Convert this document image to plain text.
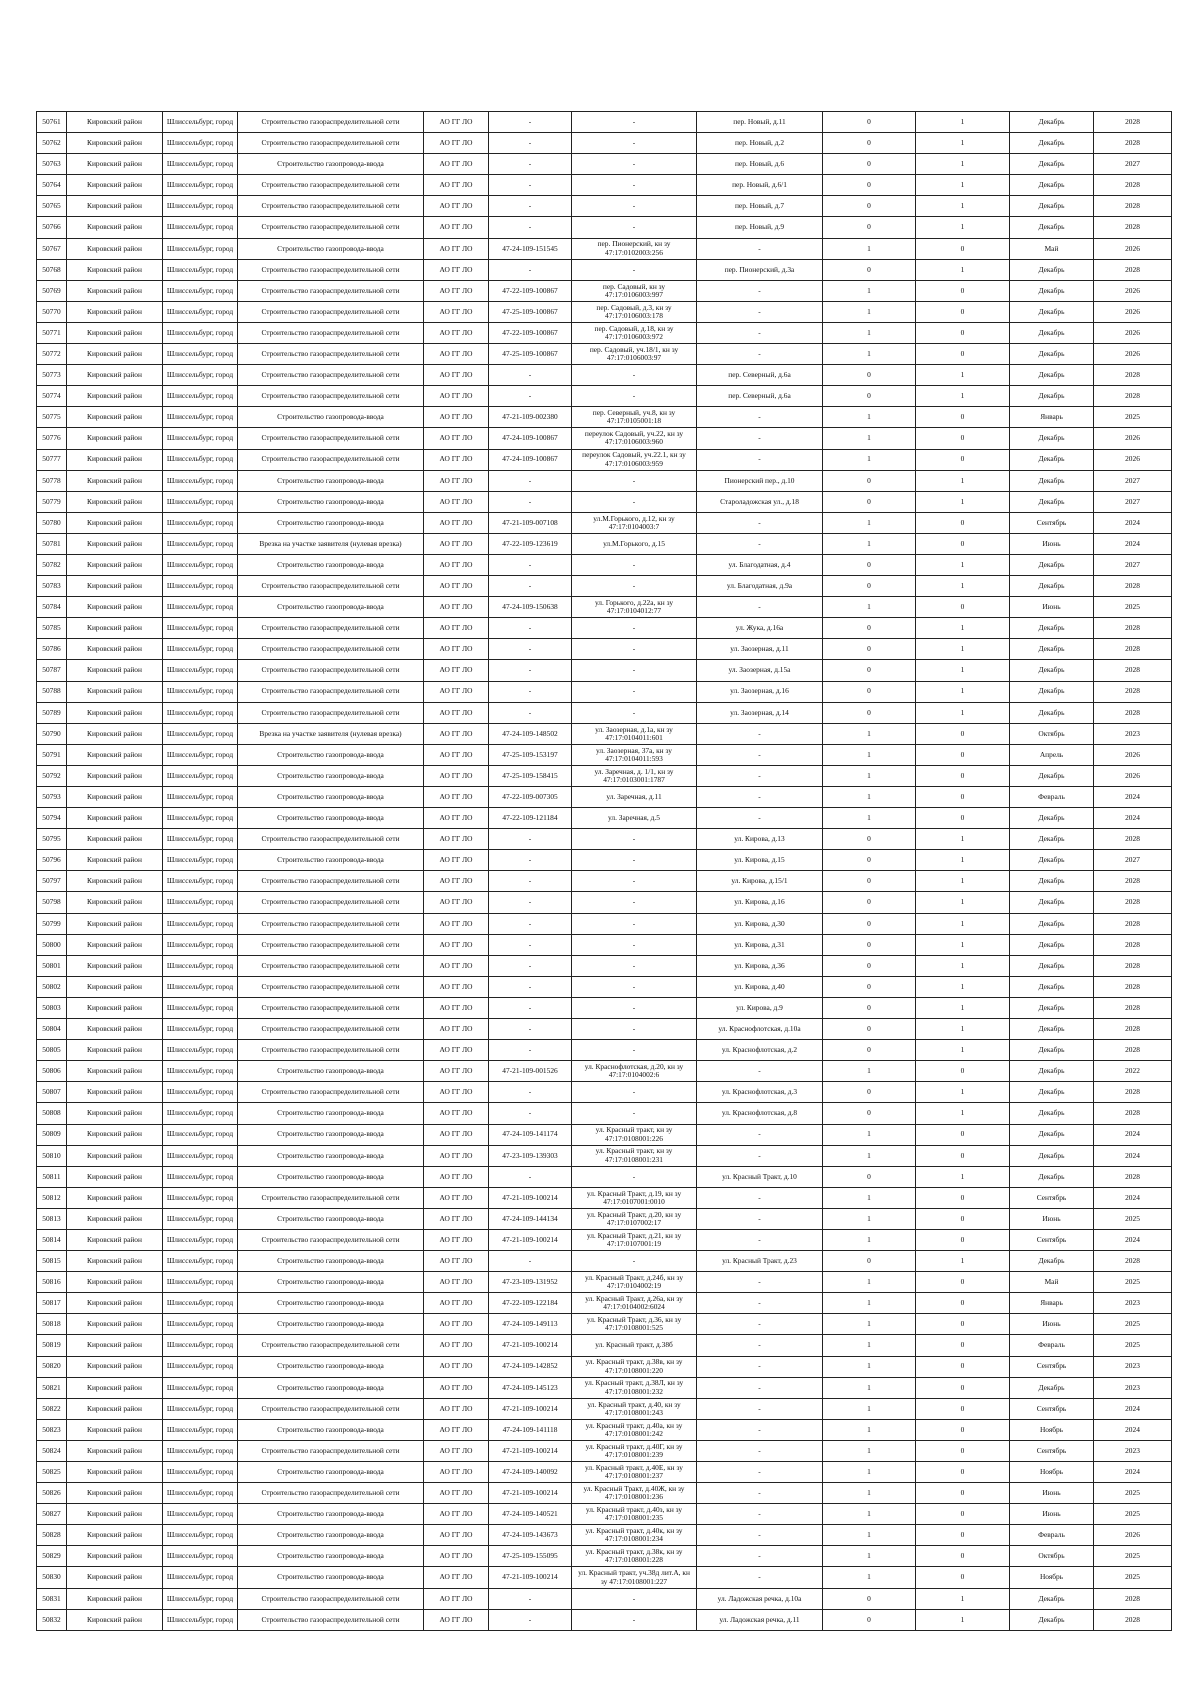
50761	Кировский район	Шлиссельбург, город	Строительство газораспределительной сети	АО ГГ ЛО	-	-	пер. Новый, д.11	0	1	Декабрь	2028
50762	Кировский район	Шлиссельбург, город	Строительство газораспределительной сети	АО ГГ ЛО	-	-	пер. Новый, д.2	0	1	Декабрь	2028
50763	Кировский район	Шлиссельбург, город	Строительство газопровода-ввода	АО ГГ ЛО	-	-	пер. Новый, д.6	0	1	Декабрь	2027
50764	Кировский район	Шлиссельбург, город	Строительство газораспределительной сети	АО ГГ ЛО	-	-	пер. Новый, д.6/1	0	1	Декабрь	2028
50765	Кировский район	Шлиссельбург, город	Строительство газораспределительной сети	АО ГГ ЛО	-	-	пер. Новый, д.7	0	1	Декабрь	2028
50766	Кировский район	Шлиссельбург, город	Строительство газораспределительной сети	АО ГГ ЛО	-	-	пер. Новый, д.9	0	1	Декабрь	2028
50767	Кировский район	Шлиссельбург, город	Строительство газопровода-ввода	АО ГГ ЛО	47-24-109-151545	пер. Пионерский, кн зу 47:17:0102003:256	-	1	0	Май	2026
50768	Кировский район	Шлиссельбург, город	Строительство газораспределительной сети	АО ГГ ЛО	-	-	пер. Пионерский, д.3а	0	1	Декабрь	2028
50769	Кировский район	Шлиссельбург, город	Строительство газораспределительной сети	АО ГГ ЛО	47-22-109-100867	пер. Садовый, кн зу 47:17:0106003:997	-	1	0	Декабрь	2026
50770	Кировский район	Шлиссельбург, город	Строительство газораспределительной сети	АО ГГ ЛО	47-25-109-100867	пер. Садовый, д.3, кн зу 47:17:0106003:178	-	1	0	Декабрь	2026
50771	Кировский район	Шлиссельбург, город	Строительство газораспределительной сети	АО ГГ ЛО	47-22-109-100867	пер. Садовый, д.18, кн зу 47:17:0106003:972	-	1	0	Декабрь	2026
50772	Кировский район	Шлиссельбург, город	Строительство газораспределительной сети	АО ГГ ЛО	47-25-109-100867	пер. Садовый, уч.18/1, кн зу 47:17:0106003:97	-	1	0	Декабрь	2026
50773	Кировский район	Шлиссельбург, город	Строительство газораспределительной сети	АО ГГ ЛО	-	-	пер. Северный, д.6а	0	1	Декабрь	2028
50774	Кировский район	Шлиссельбург, город	Строительство газораспределительной сети	АО ГГ ЛО	-	-	пер. Северный, д.6а	0	1	Декабрь	2028
50775	Кировский район	Шлиссельбург, город	Строительство газопровода-ввода	АО ГГ ЛО	47-21-109-002380	пер. Северный, уч.8, кн зу 47:17:0105001:18	-	1	0	Январь	2025
50776	Кировский район	Шлиссельбург, город	Строительство газораспределительной сети	АО ГГ ЛО	47-24-109-100867	переулок Садовый, уч.22, кн зу 47:17:0106003:960	-	1	0	Декабрь	2026
50777	Кировский район	Шлиссельбург, город	Строительство газораспределительной сети	АО ГГ ЛО	47-24-109-100867	переулок Садовый, уч.22.1, кн зу 47:17:0106003:959	-	1	0	Декабрь	2026
50778	Кировский район	Шлиссельбург, город	Строительство газопровода-ввода	АО ГГ ЛО	-	-	Пионерский пер., д.10	0	1	Декабрь	2027
50779	Кировский район	Шлиссельбург, город	Строительство газопровода-ввода	АО ГГ ЛО	-	-	Староладожская ул., д.18	0	1	Декабрь	2027
50780	Кировский район	Шлиссельбург, город	Строительство газопровода-ввода	АО ГГ ЛО	47-21-109-007108	ул.М.Горького, д.12, кн зу 47:17:0104003:7	-	1	0	Сентябрь	2024
50781	Кировский район	Шлиссельбург, город	Врезка на участке заявителя (нулевая врезка)	АО ГГ ЛО	47-22-109-123619	ул.М.Горького, д.15	-	1	0	Июнь	2024
50782	Кировский район	Шлиссельбург, город	Строительство газопровода-ввода	АО ГГ ЛО	-	-	ул. Благодатная, д.4	0	1	Декабрь	2027
50783	Кировский район	Шлиссельбург, город	Строительство газораспределительной сети	АО ГГ ЛО	-	-	ул. Благодатная, д.9а	0	1	Декабрь	2028
50784	Кировский район	Шлиссельбург, город	Строительство газопровода-ввода	АО ГГ ЛО	47-24-109-150638	ул. Горького, д.22а, кн зу 47:17:0104012:77	-	1	0	Июнь	2025
50785	Кировский район	Шлиссельбург, город	Строительство газораспределительной сети	АО ГГ ЛО	-	-	ул. Жука, д.16а	0	1	Декабрь	2028
50786	Кировский район	Шлиссельбург, город	Строительство газораспределительной сети	АО ГГ ЛО	-	-	ул. Заозерная, д.11	0	1	Декабрь	2028
50787	Кировский район	Шлиссельбург, город	Строительство газораспределительной сети	АО ГГ ЛО	-	-	ул. Заозерная, д.15а	0	1	Декабрь	2028
50788	Кировский район	Шлиссельбург, город	Строительство газораспределительной сети	АО ГГ ЛО	-	-	ул. Заозерная, д.16	0	1	Декабрь	2028
50789	Кировский район	Шлиссельбург, город	Строительство газораспределительной сети	АО ГГ ЛО	-	-	ул. Заозерная, д.14	0	1	Декабрь	2028
50790	Кировский район	Шлиссельбург, город	Врезка на участке заявителя (нулевая врезка)	АО ГГ ЛО	47-24-109-148502	ул. Заозерная, д.1а, кн зу 47:17:0104011:601	-	1	0	Октябрь	2023
50791	Кировский район	Шлиссельбург, город	Строительство газопровода-ввода	АО ГГ ЛО	47-25-109-153197	ул. Заозерная, 37а, кн зу 47:17:0104011:593	-	1	0	Апрель	2026
50792	Кировский район	Шлиссельбург, город	Строительство газопровода-ввода	АО ГГ ЛО	47-25-109-158415	ул. Заречная, д. 1/1, кн зу 47:17:0103001:1787	-	1	0	Декабрь	2026
50793	Кировский район	Шлиссельбург, город	Строительство газопровода-ввода	АО ГГ ЛО	47-22-109-007305	ул. Заречная, д.11	-	1	0	Февраль	2024
50794	Кировский район	Шлиссельбург, город	Строительство газопровода-ввода	АО ГГ ЛО	47-22-109-121184	ул. Заречная, д.5	-	1	0	Декабрь	2024
50795	Кировский район	Шлиссельбург, город	Строительство газораспределительной сети	АО ГГ ЛО	-	-	ул. Кирова, д.13	0	1	Декабрь	2028
50796	Кировский район	Шлиссельбург, город	Строительство газопровода-ввода	АО ГГ ЛО	-	-	ул. Кирова, д.15	0	1	Декабрь	2027
50797	Кировский район	Шлиссельбург, город	Строительство газораспределительной сети	АО ГГ ЛО	-	-	ул. Кирова, д.15/1	0	1	Декабрь	2028
50798	Кировский район	Шлиссельбург, город	Строительство газораспределительной сети	АО ГГ ЛО	-	-	ул. Кирова, д.16	0	1	Декабрь	2028
50799	Кировский район	Шлиссельбург, город	Строительство газораспределительной сети	АО ГГ ЛО	-	-	ул. Кирова, д.30	0	1	Декабрь	2028
50800	Кировский район	Шлиссельбург, город	Строительство газораспределительной сети	АО ГГ ЛО	-	-	ул. Кирова, д.31	0	1	Декабрь	2028
50801	Кировский район	Шлиссельбург, город	Строительство газораспределительной сети	АО ГГ ЛО	-	-	ул. Кирова, д.36	0	1	Декабрь	2028
50802	Кировский район	Шлиссельбург, город	Строительство газораспределительной сети	АО ГГ ЛО	-	-	ул. Кирова, д.40	0	1	Декабрь	2028
50803	Кировский район	Шлиссельбург, город	Строительство газораспределительной сети	АО ГГ ЛО	-	-	ул. Кирова, д.9	0	1	Декабрь	2028
50804	Кировский район	Шлиссельбург, город	Строительство газораспределительной сети	АО ГГ ЛО	-	-	ул. Краснофлотская, д.10а	0	1	Декабрь	2028
50805	Кировский район	Шлиссельбург, город	Строительство газораспределительной сети	АО ГГ ЛО	-	-	ул. Краснофлотская, д.2	0	1	Декабрь	2028
50806	Кировский район	Шлиссельбург, город	Строительство газопровода-ввода	АО ГГ ЛО	47-21-109-001526	ул. Краснофлотская, д.20, кн зу 47:17:0104002:6	-	1	0	Декабрь	2022
50807	Кировский район	Шлиссельбург, город	Строительство газораспределительной сети	АО ГГ ЛО	-	-	ул. Краснофлотская, д.3	0	1	Декабрь	2028
50808	Кировский район	Шлиссельбург, город	Строительство газопровода-ввода	АО ГГ ЛО	-	-	ул. Краснофлотская, д.8	0	1	Декабрь	2028
50809	Кировский район	Шлиссельбург, город	Строительство газопровода-ввода	АО ГГ ЛО	47-24-109-141174	ул. Красный тракт, кн зу 47:17:0108001:226	-	1	0	Декабрь	2024
50810	Кировский район	Шлиссельбург, город	Строительство газопровода-ввода	АО ГГ ЛО	47-23-109-139303	ул. Красный тракт, кн зу 47:17:0108001:231	-	1	0	Декабрь	2024
50811	Кировский район	Шлиссельбург, город	Строительство газопровода-ввода	АО ГГ ЛО	-	-	ул. Красный Тракт, д.10	0	1	Декабрь	2028
50812	Кировский район	Шлиссельбург, город	Строительство газораспределительной сети	АО ГГ ЛО	47-21-109-100214	ул. Красный Тракт, д.19, кн зу 47:17:0107001:0010	-	1	0	Сентябрь	2024
50813	Кировский район	Шлиссельбург, город	Строительство газопровода-ввода	АО ГГ ЛО	47-24-109-144134	ул. Красный Тракт, д.20, кн зу 47:17:0107002:17	-	1	0	Июнь	2025
50814	Кировский район	Шлиссельбург, город	Строительство газораспределительной сети	АО ГГ ЛО	47-21-109-100214	ул. Красный Тракт, д.21, кн зу 47:17:0107001:19	-	1	0	Сентябрь	2024
50815	Кировский район	Шлиссельбург, город	Строительство газопровода-ввода	АО ГГ ЛО	-	-	ул. Красный Тракт, д.23	0	1	Декабрь	2028
50816	Кировский район	Шлиссельбург, город	Строительство газопровода-ввода	АО ГГ ЛО	47-23-109-131952	ул. Красный Тракт, д.24б, кн зу 47:17:0104002:19	-	1	0	Май	2025
50817	Кировский район	Шлиссельбург, город	Строительство газопровода-ввода	АО ГГ ЛО	47-22-109-122184	ул. Красный Тракт, д.26а, кн зу 47:17:0104002:6024	-	1	0	Январь	2023
50818	Кировский район	Шлиссельбург, город	Строительство газопровода-ввода	АО ГГ ЛО	47-24-109-149113	ул. Красный Тракт, д.36, кн зу 47:17:0108001:525	-	1	0	Июнь	2025
50819	Кировский район	Шлиссельбург, город	Строительство газораспределительной сети	АО ГГ ЛО	47-21-109-100214	ул. Красный тракт, д.38б	-	1	0	Февраль	2025
50820	Кировский район	Шлиссельбург, город	Строительство газопровода-ввода	АО ГГ ЛО	47-24-109-142852	ул. Красный тракт, д.38в, кн зу 47:17:0108001:220	-	1	0	Сентябрь	2023
50821	Кировский район	Шлиссельбург, город	Строительство газопровода-ввода	АО ГГ ЛО	47-24-109-145123	ул. Красный тракт, д.38Л, кн зу 47:17:0108001:232	-	1	0	Декабрь	2023
50822	Кировский район	Шлиссельбург, город	Строительство газораспределительной сети	АО ГГ ЛО	47-21-109-100214	ул. Красный тракт, д.40, кн зу 47:17:0108001:243	-	1	0	Сентябрь	2024
50823	Кировский район	Шлиссельбург, город	Строительство газопровода-ввода	АО ГГ ЛО	47-24-109-141118	ул. Красный тракт, д.40а, кн зу 47:17:0108001:242	-	1	0	Ноябрь	2024
50824	Кировский район	Шлиссельбург, город	Строительство газораспределительной сети	АО ГГ ЛО	47-21-109-100214	ул. Красный тракт, д.40Г, кн зу 47:17:0108001:239	-	1	0	Сентябрь	2023
50825	Кировский район	Шлиссельбург, город	Строительство газопровода-ввода	АО ГГ ЛО	47-24-109-140092	ул. Красный тракт, д.40Е, кн зу 47:17:0108001:237	-	1	0	Ноябрь	2024
50826	Кировский район	Шлиссельбург, город	Строительство газораспределительной сети	АО ГГ ЛО	47-21-109-100214	ул. Красный Тракт, д.40Ж, кн зу 47:17:0108001:236	-	1	0	Июнь	2025
50827	Кировский район	Шлиссельбург, город	Строительство газопровода-ввода	АО ГГ ЛО	47-24-109-140521	ул. Красный тракт, д.40з, кн зу 47:17:0108001:235	-	1	0	Июнь	2025
50828	Кировский район	Шлиссельбург, город	Строительство газопровода-ввода	АО ГГ ЛО	47-24-109-143673	ул. Красный тракт, д.40к, кн зу 47:17:0108001:234	-	1	0	Февраль	2026
50829	Кировский район	Шлиссельбург, город	Строительство газопровода-ввода	АО ГГ ЛО	47-25-109-155095	ул. Красный тракт, д.38к, кн зу 47:17:0108001:228	-	1	0	Октябрь	2025
50830	Кировский район	Шлиссельбург, город	Строительство газопровода-ввода	АО ГГ ЛО	47-21-109-100214	ул. Красный тракт, уч.38д лит.А, кн зу 47:17:0108001:227	-	1	0	Ноябрь	2025
50831	Кировский район	Шлиссельбург, город	Строительство газораспределительной сети	АО ГГ ЛО	-	-	ул. Ладожская речка, д.10а	0	1	Декабрь	2028
50832	Кировский район	Шлиссельбург, город	Строительство газораспределительной сети	АО ГГ ЛО	-	-	ул. Ладожская речка, д.11	0	1	Декабрь	2028
